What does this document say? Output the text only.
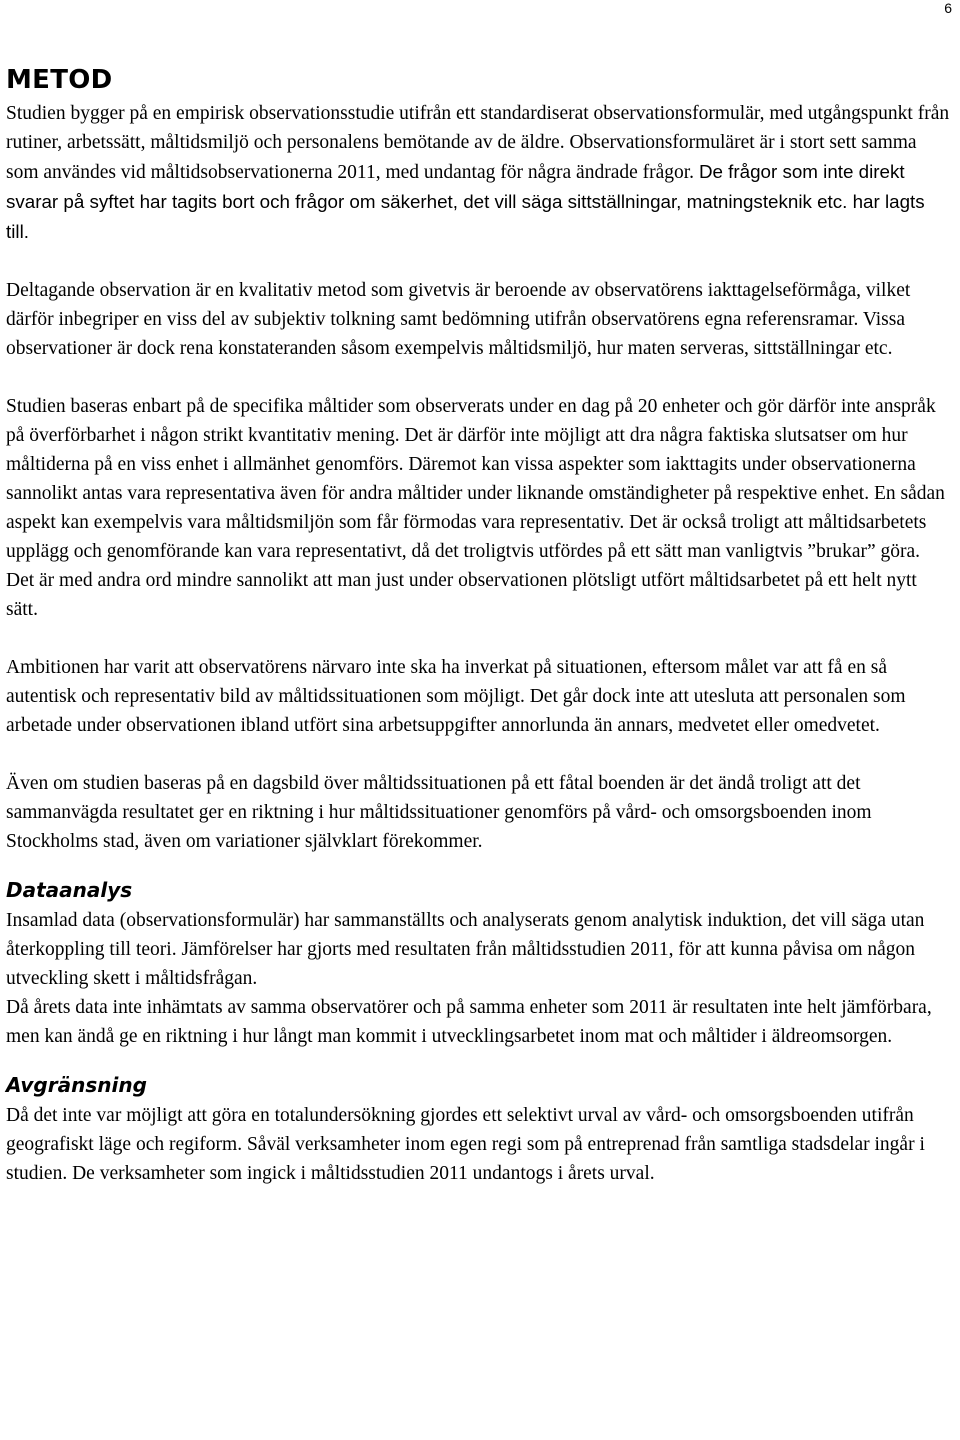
6
METOD

Studien bygger på en empirisk observationsstudie utifrån ett standardiserat observationsformulär, med utgångspunkt från rutiner, arbetssätt, måltidsmiljö och personalens bemötande av de äldre. Observationsformuläret är i stort sett samma som användes vid måltidsobservationerna 2011, med undantag för några ändrade frågor. De frågor som inte direkt svarar på syftet har tagits bort och frågor om säkerhet, det vill säga sittställningar, matningsteknik etc. har lagts till.

Deltagande observation är en kvalitativ metod som givetvis är beroende av observatörens iakttagelseförmåga, vilket därför inbegriper en viss del av subjektiv tolkning samt bedömning utifrån observatörens egna referensramar. Vissa observationer är dock rena konstateranden såsom exempelvis måltidsmiljö, hur maten serveras, sittställningar etc.

Studien baseras enbart på de specifika måltider som observerats under en dag på 20 enheter och gör därför inte anspråk på överförbarhet i någon strikt kvantitativ mening. Det är därför inte möjligt att dra några faktiska slutsatser om hur måltiderna på en viss enhet i allmänhet genomförs. Däremot kan vissa aspekter som iakttagits under observationerna sannolikt antas vara representativa även för andra måltider under liknande omständigheter på respektive enhet. En sådan aspekt kan exempelvis vara måltidsmiljön som får förmodas vara representativ. Det är också troligt att måltidsarbetets upplägg och genomförande kan vara representativt, då det troligtvis utfördes på ett sätt man vanligtvis ”brukar” göra. Det är med andra ord mindre sannolikt att man just under observationen plötsligt utfört måltidsarbetet på ett helt nytt sätt.

Ambitionen har varit att observatörens närvaro inte ska ha inverkat på situationen, eftersom målet var att få en så autentisk och representativ bild av måltidssituationen som möjligt. Det går dock inte att utesluta att personalen som arbetade under observationen ibland utfört sina arbetsuppgifter annorlunda än annars, medvetet eller omedvetet.

Även om studien baseras på en dagsbild över måltidssituationen på ett fåtal boenden är det ändå troligt att det sammanvägda resultatet ger en riktning i hur måltidssituationer genomförs på vård- och omsorgsboenden inom Stockholms stad, även om variationer självklart förekommer.

Dataanalys

Insamlad data (observationsformulär) har sammanställts och analyserats genom analytisk induktion, det vill säga utan återkoppling till teori. Jämförelser har gjorts med resultaten från måltidsstudien 2011, för att kunna påvisa om någon utveckling skett i måltidsfrågan.

Då årets data inte inhämtats av samma observatörer och på samma enheter som 2011 är resultaten inte helt jämförbara, men kan ändå ge en riktning i hur långt man kommit i utvecklingsarbetet inom mat och måltider i äldreomsorgen.

Avgränsning

Då det inte var möjligt att göra en totalundersökning gjordes ett selektivt urval av vård- och omsorgsboenden utifrån geografiskt läge och regiform. Såväl verksamheter inom egen regi som på entreprenad från samtliga stadsdelar ingår i studien. De verksamheter som ingick i måltidsstudien 2011 undantogs i årets urval.
